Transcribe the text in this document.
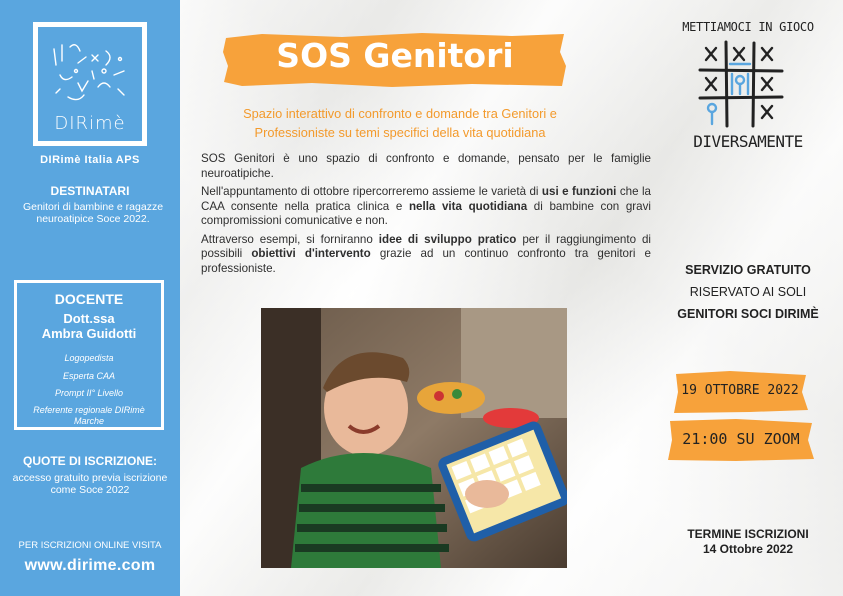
DIRimè
DIRimè Italia APS
DESTINATARI
Genitori di bambine e ragazze neuroatipice Soce 2022.
DOCENTE
Dott.ssa
Ambra Guidotti
Logopedista
Esperta CAA
Prompt II° Livello
Referente regionale DIRimè Marche
QUOTE DI ISCRIZIONE:
accesso gratuito previa iscrizione come Soce 2022
PER ISCRIZIONI ONLINE VISITA
www.dirime.com
SOS Genitori
Spazio interattivo di confronto e domande tra Genitori e Professioniste su temi specifici della vita quotidiana

SOS Genitori è uno spazio di confronto e domande, pensato per le famiglie neuroatipiche.

Nell'appuntamento di ottobre ripercorreremo assieme le varietà di usi e funzioni che la CAA consente nella pratica clinica e nella vita quotidiana di bambine con gravi compromissioni comunicative e non.

Attraverso esempi, si forniranno idee di sviluppo pratico per il raggiungimento di possibili obiettivi d'intervento grazie ad un continuo confronto tra genitori e professioniste.

METTIAMOCI IN GIOCO
DIVERSAMENTE
SERVIZIO GRATUITO
RISERVATO AI SOLI
GENITORI SOCI DIRIMÈ
19 OTTOBRE 2022
21:00 SU ZOOM
TERMINE ISCRIZIONI
14 Ottobre 2022
